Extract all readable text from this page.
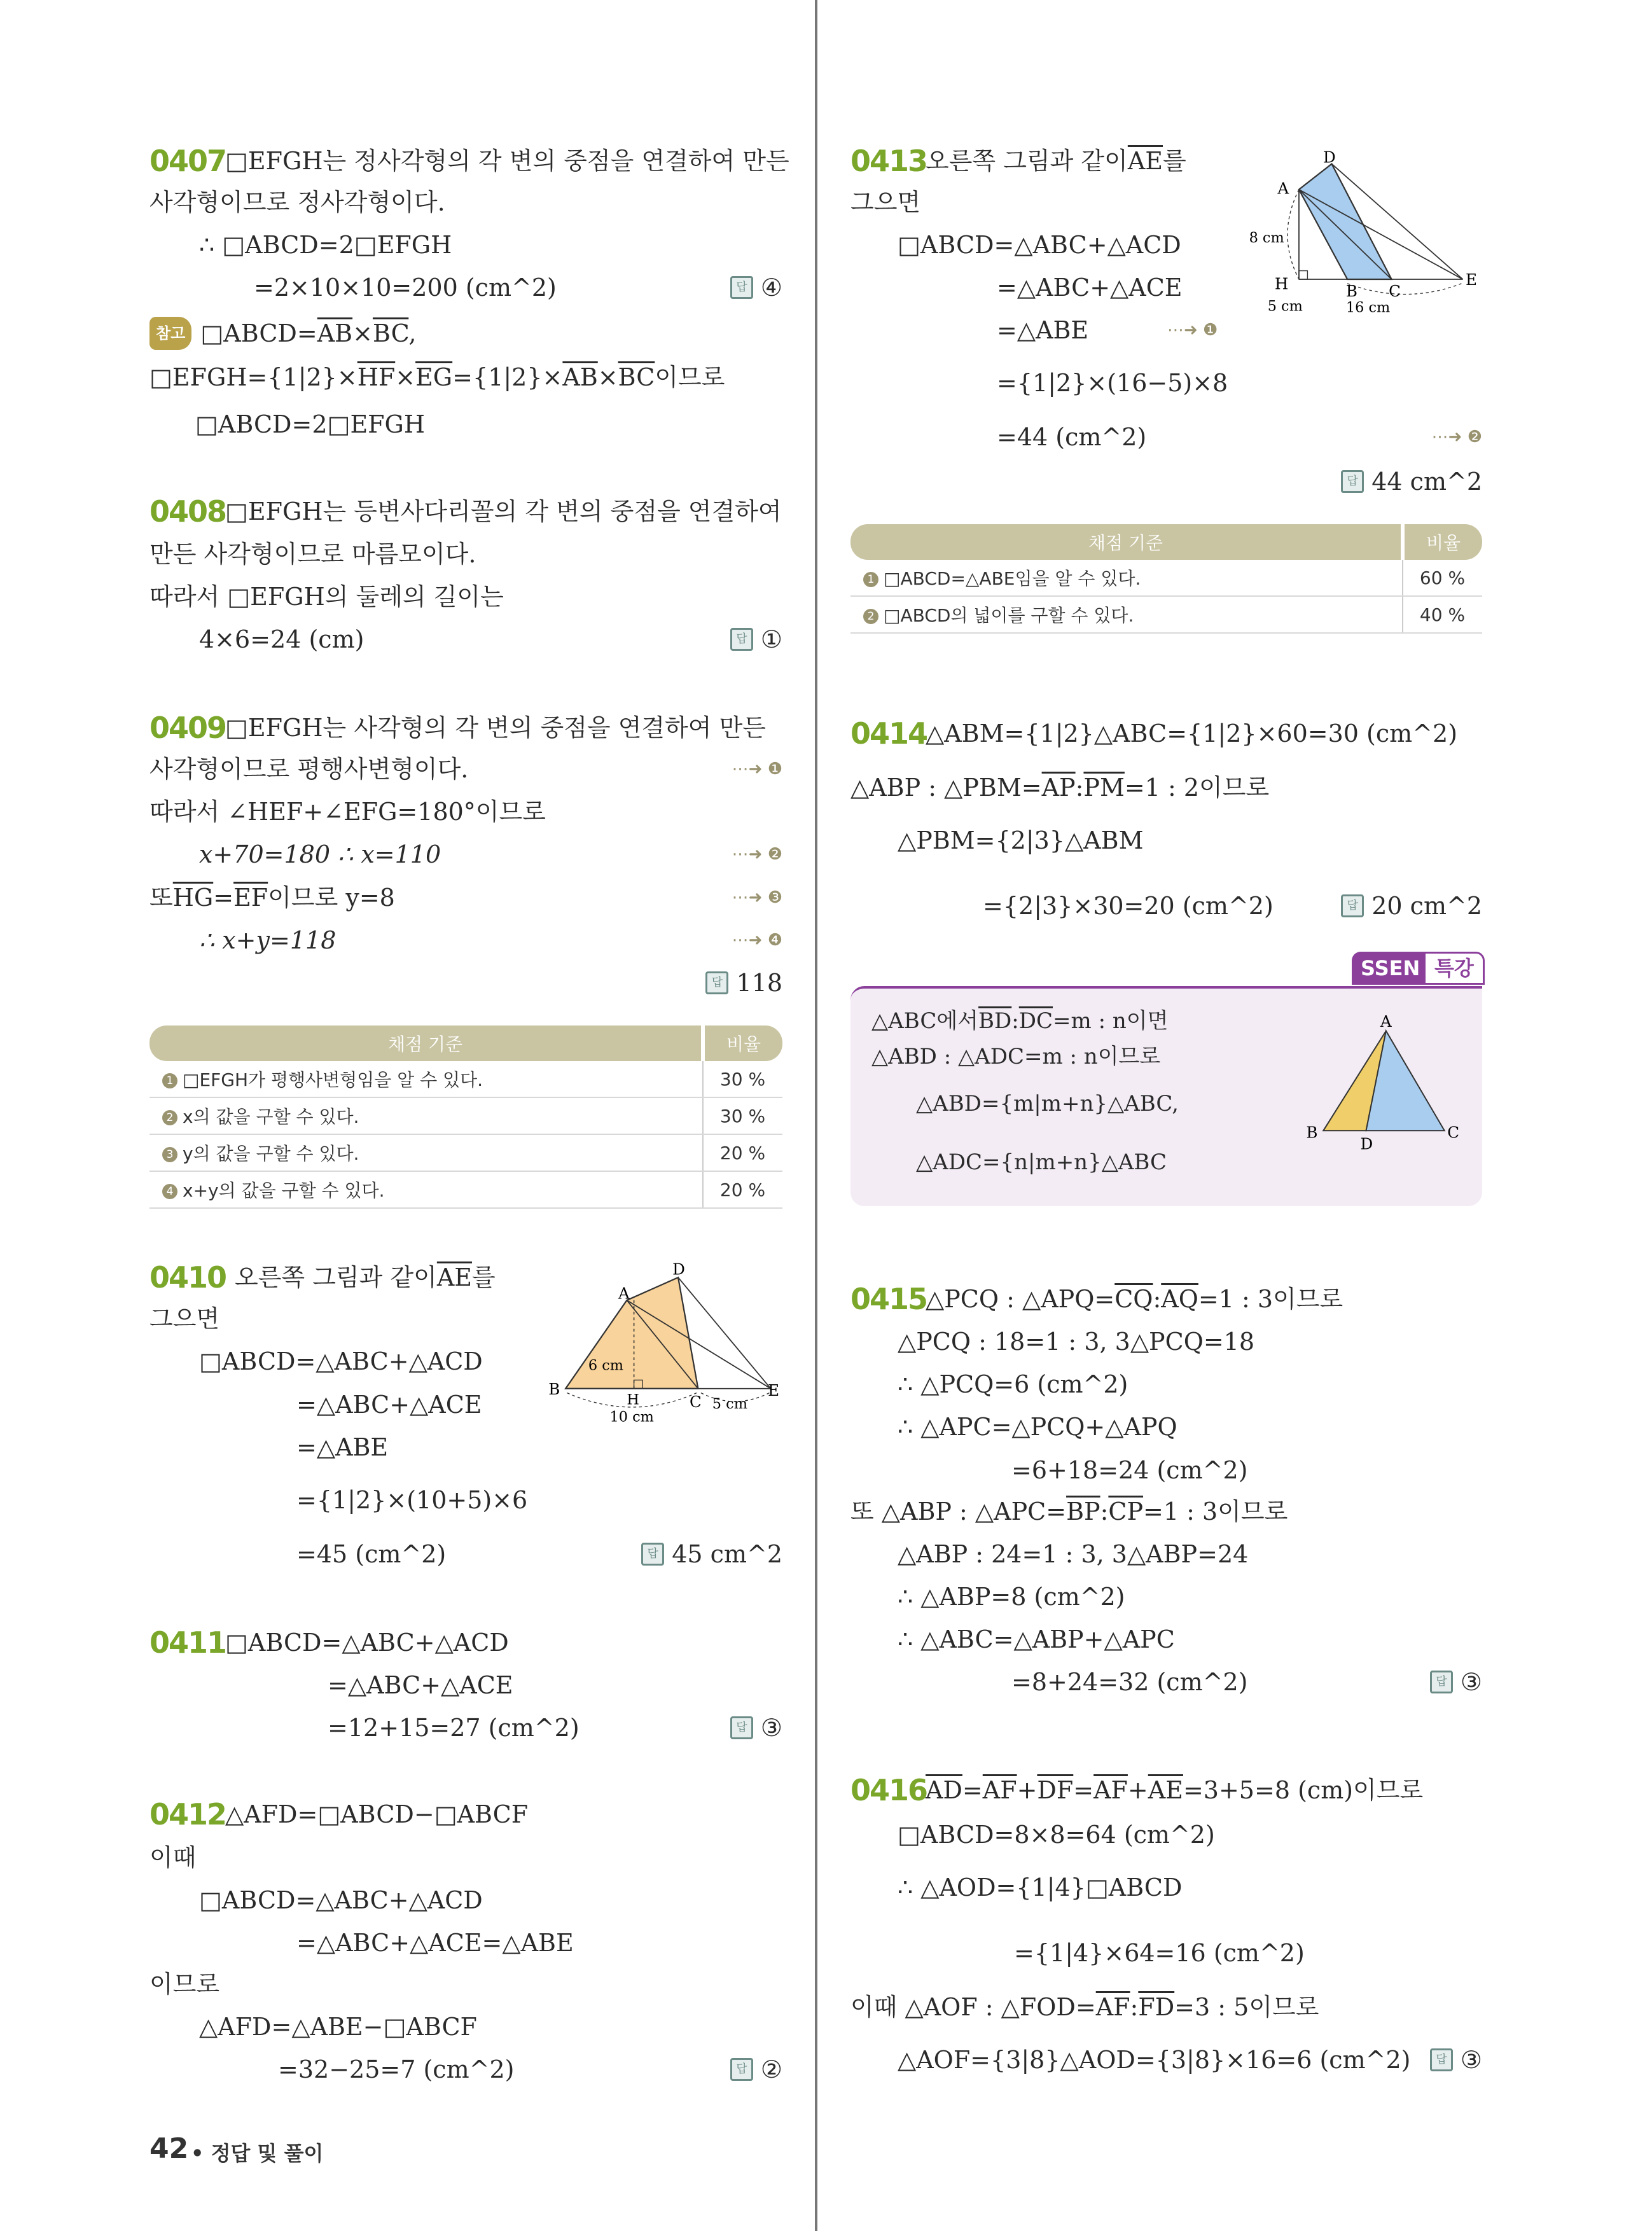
0407
□EFGH는 정사각형의 각 변의 중점을 연결하여 만든
사각형이므로 정사각형이다.
∴ □ABCD=2□EFGH
=2×10×10=200 (cm^2)	답 ④
참고 $□ABCD=\overline{AB}\times\overline{BC}$,
□EFGH={1|2}× $\overline{HF} \times \overline{EG} =\{1|2\}\times \overline{AB} \times \overline{BC}$ 이므로
□ABCD=2□EFGH
0408
□EFGH는 등변사다리꼴의 각 변의 중점을 연결하여
만든 사각형이므로 마름모이다.
따라서 □EFGH의 둘레의 길이는
4×6=24 (cm)	답 ①
0409
□EFGH는 사각형의 각 변의 중점을 연결하여 만든
사각형이므로 평행사변형이다.	⋯➜ ❶
따라서 ∠HEF+∠EFG=180°이므로
x+70=180 ∴ x=110	⋯➜ ❷
또 $\overline{HG} = \overline{EF}$ 이므로 y=8	⋯➜ ❸
∴ x+y=118	⋯➜ ❹
답 118
채점 기준	비율
1 □EFGH가 평행사변형임을 알 수 있다.	30 %
2 x의 값을 구할 수 있다.	30 %
3 y의 값을 구할 수 있다.	20 %
4 x+y의 값을 구할 수 있다.	20 %
0410 오른쪽 그림과 같이 $\overline{AE}$ 를
그으면
□ABCD=△ABC+△ACD
=△ABC+△ACE
=△ABE
={1|2}×(10+5)×6
=45 (cm^2)	답 45 cm^2
A
D
B
C
E
H
6 cm
10 cm
5 cm
0411
□ABCD=△ABC+△ACD
=△ABC+△ACE
=12+15=27 (cm^2)	답 ③
0412
△AFD=□ABCD−□ABCF
이때
□ABCD=△ABC+△ACD
=△ABC+△ACE=△ABE
이므로
△AFD=△ABE−□ABCF
=32−25=7 (cm^2)	답 ②
42 • 정답 및 풀이
0413
오른쪽 그림과 같이 $\overline{AE}$ 를
그으면
□ABCD=△ABC+△ACD
=△ABC+△ACE
=△ABE	⋯➜ ❶
={1|2}×(16−5)×8
=44 (cm^2)	⋯➜ ❷
답 44 cm^2
A
D
H	B	C
E
8 cm
5 cm	16 cm
채점 기준	비율
1 □ABCD=△ABE임을 알 수 있다.	60 %
2 □ABCD의 넓이를 구할 수 있다.	40 %
0414
△ABM={1|2}△ABC={1|2}×60=30 (cm^2)
△ABP : △PBM= $\overline{AP}$ : $\overline{PM} =1$ : 2이므로
△PBM={2|3}△ABM
={2|3}×30=20 (cm^2)	답 20 cm^2
SSEN 특강
△ABC에서 $\overline{BD}$ : $\overline{DC} =m$ : n이면
△ABD : △ADC=m : n이므로
△ABD={m|m+n}△ABC,
△ADC={n|m+n}△ABC
A
B
D
C
0415
△PCQ : △APQ= $\overline{CQ}$ : $\overline{AQ} =1$ : 3이므로
△PCQ : 18=1 : 3, 3△PCQ=18
∴ △PCQ=6 (cm^2)
∴ △APC=△PCQ+△APQ
=6+18=24 (cm^2)
또 △ABP : △APC= $\overline{BP}$ : $\overline{CP} =1$ : 3이므로
△ABP : 24=1 : 3, 3△ABP=24
∴ △ABP=8 (cm^2)
∴ △ABC=△ABP+△APC
=8+24=32 (cm^2)	답 ③
0416
$\overline{AD} = \overline{AF} + \overline{DF} = \overline{AF} + \overline{AE} =3+5=8$ (cm)이므로
□ABCD=8×8=64 (cm^2)
∴ △AOD={1|4}□ABCD
={1|4}×64=16 (cm^2)
이때 △AOF : △FOD= $\overline{AF}$ : $\overline{FD} =3$ : 5이므로
△AOF={3|8}△AOD={3|8}×16=6 (cm^2)	답 ③
